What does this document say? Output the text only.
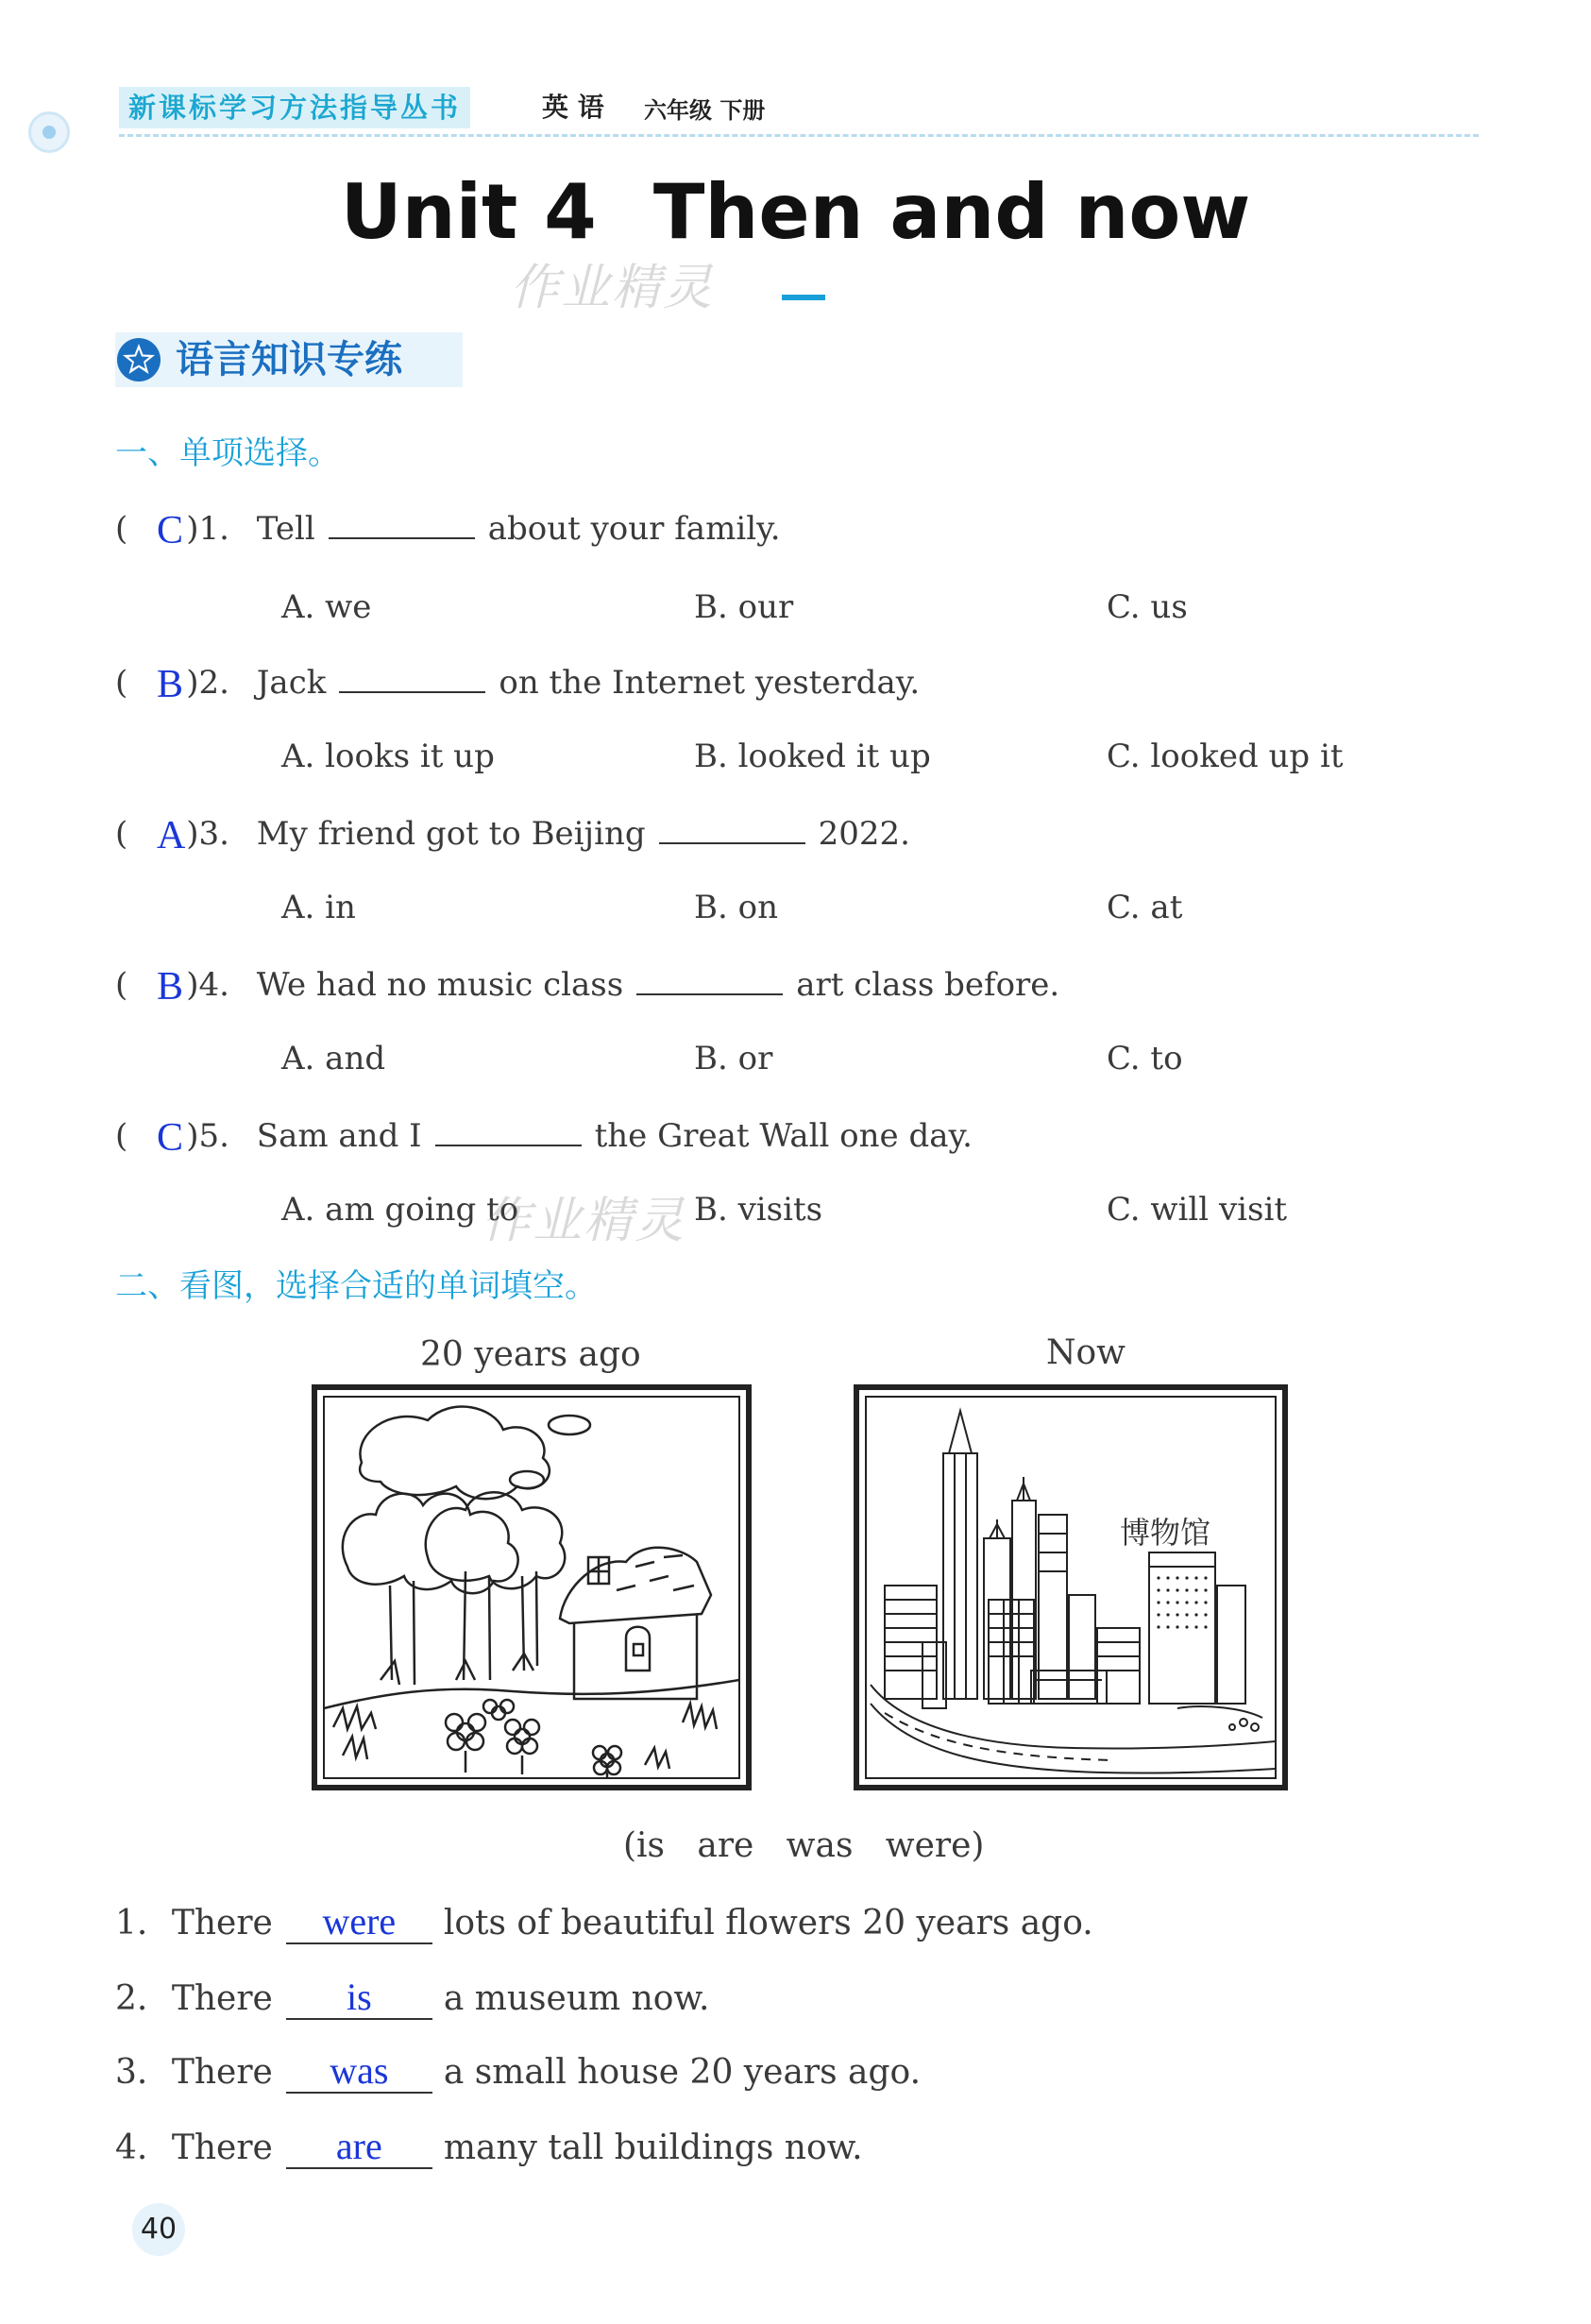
新课标学习方法指导丛书	英 语 六年级 下册
Unit 4 Then and now
作业精灵
语言知识专练
一、单项选择。
( )1. Tell	about your family.
C
A. we	B. our	C. us
( )2. Jack	on the Internet yesterday.
B
A. looks it up	B. looked it up	C. looked up it
( )3. My friend got to Beijing	2022.
A
A. in	B. on	C. at
( )4. We had no music class	art class before.
B
A. and	B. or	C. to
( )5. Sam and I	the Great Wall one day.
C
A. am going to	B. visits	C. will visit
作业精灵
二、看图，选择合适的单词填空。
20 years ago	Now
博物馆
(is   are   was   were)
1. There were lots of beautiful flowers 20 years ago.
2. There is a museum now.
3. There was a small house 20 years ago.
4. There are many tall buildings now.
40
